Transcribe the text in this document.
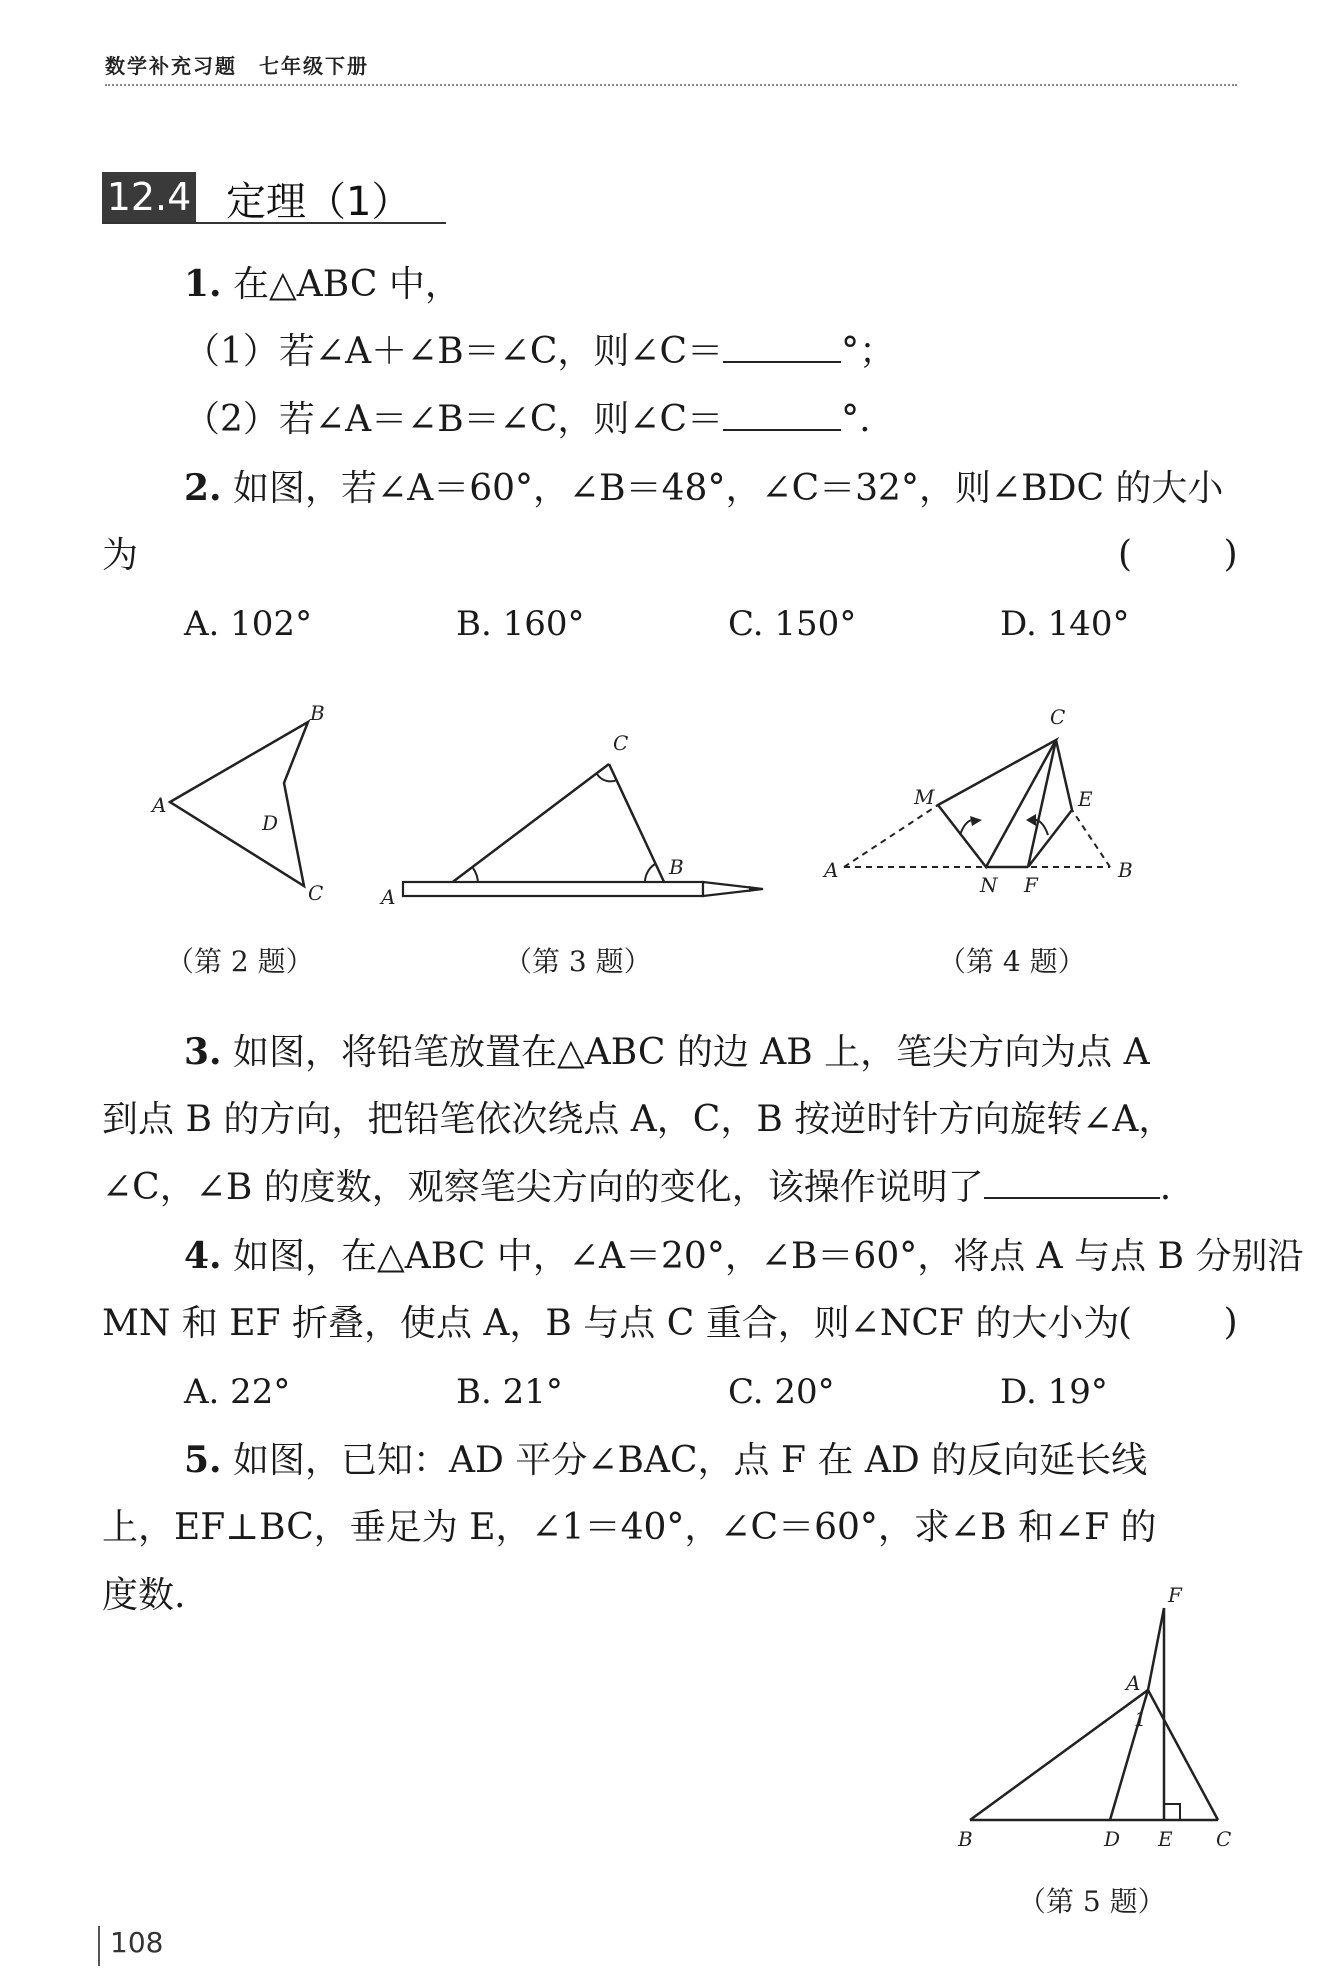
数学补充习题　七年级下册
12.4 定理（1）
1. 在△ABC 中，
（1）若∠A＋∠B＝∠C，则∠C＝	°；
（2）若∠A＝∠B＝∠C，则∠C＝	°.
2. 如图，若∠A＝60°，∠B＝48°，∠C＝32°，则∠BDC 的大小
为	(        )
A. 102°	B. 160°	C. 150°	D. 140°
A
B
D
C
C
B
A
C
M	E
A	B
N F
（第 2 题）	（第 3 题）	（第 4 题）
3. 如图，将铅笔放置在△ABC 的边 AB 上，笔尖方向为点 A
到点 B 的方向，把铅笔依次绕点 A，C，B 按逆时针方向旋转∠A，
∠C，∠B 的度数，观察笔尖方向的变化，该操作说明了	.
4. 如图，在△ABC 中，∠A＝20°，∠B＝60°，将点 A 与点 B 分别沿
MN 和 EF 折叠，使点 A，B 与点 C 重合，则∠NCF 的大小为
(        )
A. 22°	B. 21°	C. 20°	D. 19°
5. 如图，已知：AD 平分∠BAC，点 F 在 AD 的反向延长线
上，EF⊥BC，垂足为 E，∠1＝40°，∠C＝60°，求∠B 和∠F 的
度数.	F
A
1
B	D E C
（第 5 题）
108
